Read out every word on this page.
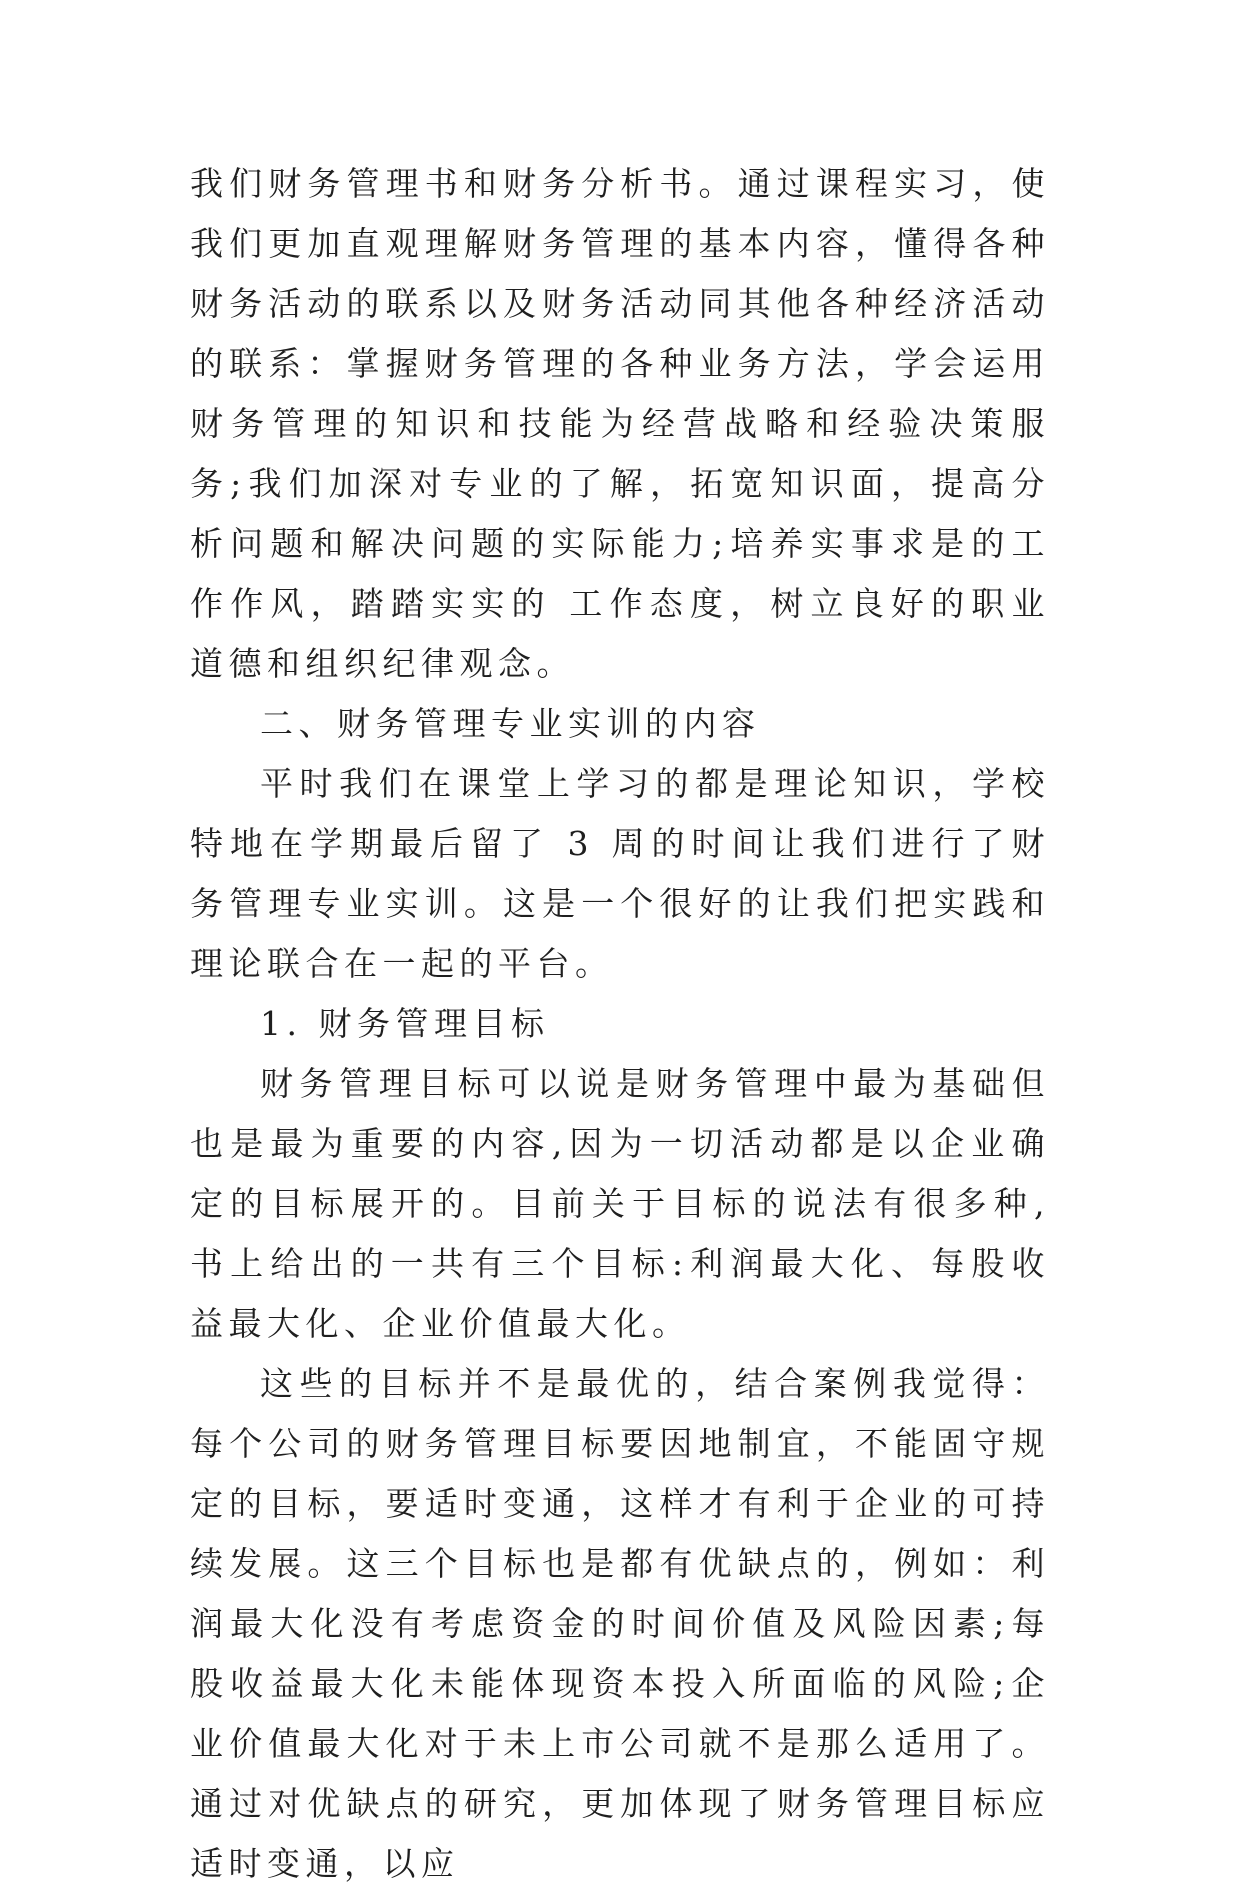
我们财务管理书和财务分析书。通过课程实习，使我们更加直观理解财务管理的基本内容，懂得各种财务活动的联系以及财务活动同其他各种经济活动的联系：掌握财务管理的各种业务方法，学会运用财务管理的知识和技能为经营战略和经验决策服务;我们加深对专业的了解，拓宽知识面，提高分析问题和解决问题的实际能力;培养实事求是的工作作风，踏踏实实的 工作态度，树立良好的职业道德和组织纪律观念。

二、财务管理专业实训的内容

平时我们在课堂上学习的都是理论知识，学校特地在学期最后留了 3 周的时间让我们进行了财务管理专业实训。这是一个很好的让我们把实践和理论联合在一起的平台。

1. 财务管理目标

财务管理目标可以说是财务管理中最为基础但也是最为重要的内容,因为一切活动都是以企业确定的目标展开的。目前关于目标的说法有很多种,书上给出的一共有三个目标:利润最大化、每股收益最大化、企业价值最大化。

这些的目标并不是最优的，结合案例我觉得：每个公司的财务管理目标要因地制宜，不能固守规定的目标，要适时变通，这样才有利于企业的可持续发展。这三个目标也是都有优缺点的，例如：利润最大化没有考虑资金的时间价值及风险因素;每股收益最大化未能体现资本投入所面临的风险;企业价值最大化对于未上市公司就不是那么适用了。通过对优缺点的研究，更加体现了财务管理目标应适时变通，以应
